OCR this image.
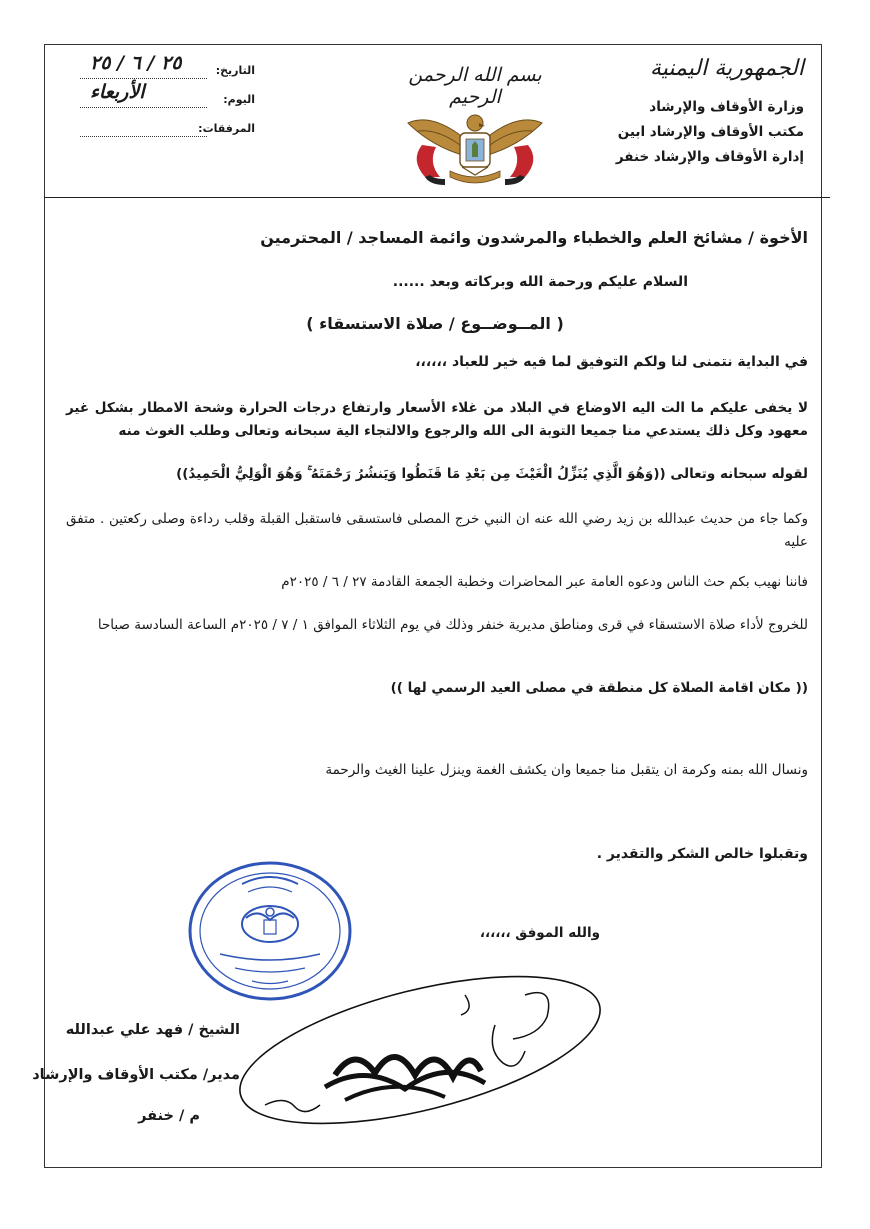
الجمهورية اليمنية
وزارة الأوقاف والإرشاد
مكتب الأوقاف والإرشاد ابين
إدارة الأوقاف والإرشاد خنفر
بسم الله الرحمن الرحيم
التاريخ:
٢٥ / ٦ / ٢٥
اليوم:
الأربعاء
المرفقات:
الأخوة / مشائخ العلم والخطباء والمرشدون وائمة المساجد / المحترمين
السلام عليكم ورحمة الله وبركاته وبعد ......
( المــوضــوع / صلاة الاستسقاء )
في البداية نتمنى لنا ولكم التوفيق لما فيه خير للعباد ،،،،،،
لا يخفى عليكم ما الت اليه الاوضاع في البلاد من غلاء الأسعار وارتفاع درجات الحرارة وشحة الامطار بشكل غير معهود وكل ذلك يستدعي منا جميعا التوبة الى الله والرجوع والالتجاء الية سبحانه وتعالى وطلب الغوث منه
لقوله سبحانه وتعالى ((وَهُوَ الَّذِي يُنَزِّلُ الْغَيْثَ مِن بَعْدِ مَا قَنَطُوا وَيَنشُرُ رَحْمَتَهُ ۚ وَهُوَ الْوَلِيُّ الْحَمِيدُ))
وكما جاء من حديث عبدالله بن زيد رضي الله عنه ان النبي خرج المصلى فاستسقى فاستقبل القبلة وقلب رداءة وصلى ركعتين . متفق عليه
فاننا نهيب بكم حث الناس ودعوه العامة عبر المحاضرات وخطبة الجمعة القادمة ٢٧ / ٦ / ٢٠٢٥م
للخروج لأداء صلاة الاستسقاء في قرى ومناطق مديرية خنفر وذلك في يوم الثلاثاء الموافق ١ / ٧ / ٢٠٢٥م الساعة السادسة صباحا
(( مكان اقامة الصلاة كل منطقة في مصلى العيد الرسمي لها ))
ونسال الله بمنه وكرمة ان يتقبل منا جميعا وان يكشف الغمة وينزل علينا الغيث والرحمة
وتقبلوا خالص الشكر والتقدير .
والله الموفق ،،،،،،
الشيخ / فهد علي عبدالله
مدير/ مكتب الأوقاف والإرشاد
م / خنفر
